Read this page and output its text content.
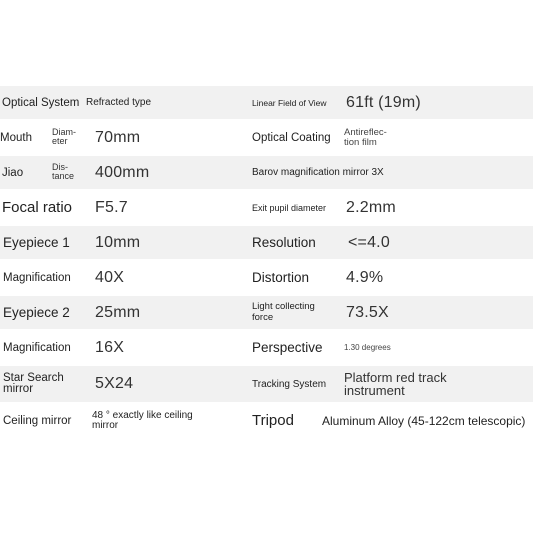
Optical System Refracted type	Linear Field of View 61ft (19m)
Mouth Diam-
eter	70mm	Optical Coating Antireflec-
tion film
Jiao	Dis-
tance 400mm	Barov magnification mirror 3X
Focal ratio F5.7	Exit pupil diameter 2.2mm
Eyepiece 1 10mm	Resolution <=4.0
Magnification 40X	Distortion 4.9%
Eyepiece 2 25mm	Light collecting
force	73.5X
Magnification 16X	Perspective	1.30 degrees
Star Search
mirror	5X24	Tracking System Platform red track
instrument
Ceiling mirror 48 ° exactly like ceiling
mirror	Tripod Aluminum Alloy (45-122cm telescopic)
